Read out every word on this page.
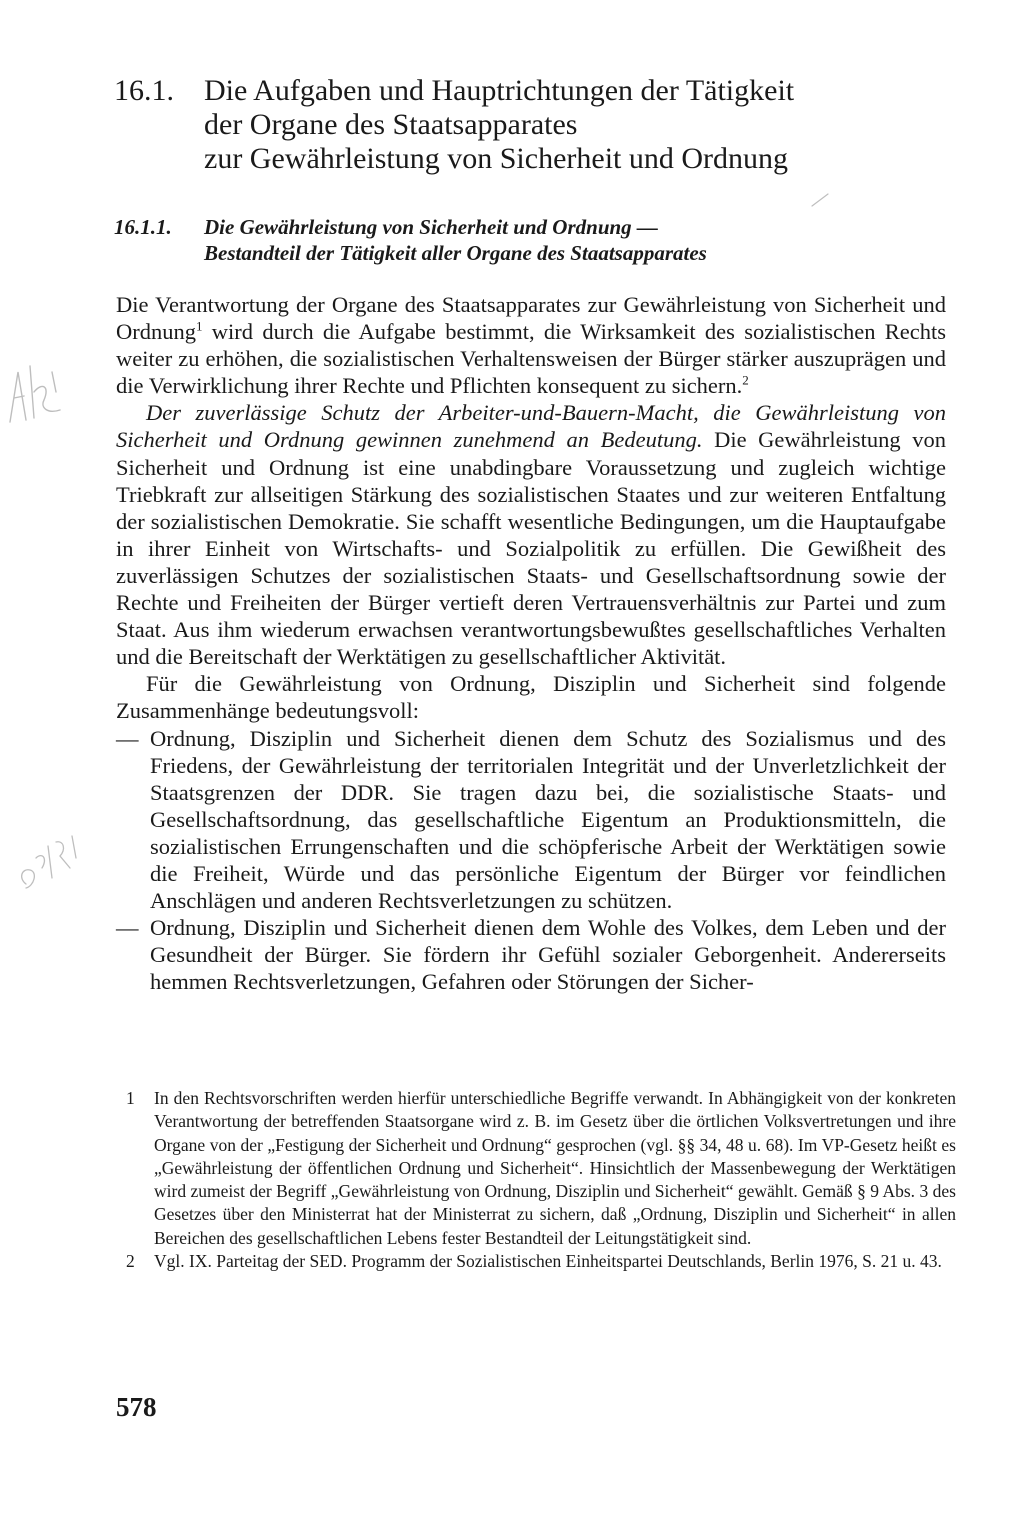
16.1. Die Aufgaben und Hauptrichtungen der Tätigkeit
der Organe des Staatsapparates
zur Gewährleistung von Sicherheit und Ordnung
16.1.1. Die Gewährleistung von Sicherheit und Ordnung —
Bestandteil der Tätigkeit aller Organe des Staatsapparates

Die Verantwortung der Organe des Staatsapparates zur Gewährleistung von Sicherheit und Ordnung$^1$ wird durch die Aufgabe bestimmt, die Wirksamkeit des sozialistischen Rechts weiter zu erhöhen, die sozialistischen Verhaltensweisen der Bürger stärker auszuprägen und die Verwirklichung ihrer Rechte und Pflichten konsequent zu sichern.$^2$

Der zuverlässige Schutz der Arbeiter-und-Bauern-Macht, die Gewährleistung von Sicherheit und Ordnung gewinnen zunehmend an Bedeutung. Die Gewährleistung von Sicherheit und Ordnung ist eine unabdingbare Voraussetzung und zugleich wichtige Triebkraft zur allseitigen Stärkung des sozialistischen Staates und zur weiteren Entfaltung der sozialistischen Demokratie. Sie schafft wesentliche Bedingungen, um die Hauptaufgabe in ihrer Einheit von Wirtschafts- und Sozialpolitik zu erfüllen. Die Gewißheit des zuverlässigen Schutzes der sozialistischen Staats- und Gesellschaftsordnung sowie der Rechte und Freiheiten der Bürger vertieft deren Vertrauensverhältnis zur Partei und zum Staat. Aus ihm wiederum erwachsen verantwortungsbewußtes gesellschaftliches Verhalten und die Bereitschaft der Werktätigen zu gesellschaftlicher Aktivität.

Für die Gewährleistung von Ordnung, Disziplin und Sicherheit sind folgende Zusammenhänge bedeutungsvoll:

— Ordnung, Disziplin und Sicherheit dienen dem Schutz des Sozialismus und des Friedens, der Gewährleistung der territorialen Integrität und der Unverletzlichkeit der Staatsgrenzen der DDR. Sie tragen dazu bei, die sozialistische Staats- und Gesellschaftsordnung, das gesellschaftliche Eigentum an Produktionsmitteln, die sozialistischen Errungenschaften und die schöpferische Arbeit der Werktätigen sowie die Freiheit, Würde und das persönliche Eigentum der Bürger vor feindlichen Anschlägen und anderen Rechtsverletzungen zu schützen.
— Ordnung, Disziplin und Sicherheit dienen dem Wohle des Volkes, dem Leben und der Gesundheit der Bürger. Sie fördern ihr Gefühl sozialer Geborgenheit. Andererseits hemmen Rechtsverletzungen, Gefahren oder Störungen der Sicher-

1 In den Rechtsvorschriften werden hierfür unterschiedliche Begriffe verwandt. In Abhängigkeit von der konkreten Verantwortung der betreffenden Staatsorgane wird z. B. im Gesetz über die örtlichen Volksvertretungen und ihre Organe von der „Festigung der Sicherheit und Ordnung“ gesprochen (vgl. §§ 34, 48 u. 68). Im VP-Gesetz heißt es „Gewährleistung der öffentlichen Ordnung und Sicherheit“. Hinsichtlich der Massenbewegung der Werktätigen wird zumeist der Begriff „Gewährleistung von Ordnung, Disziplin und Sicherheit“ gewählt. Gemäß § 9 Abs. 3 des Gesetzes über den Ministerrat hat der Ministerrat zu sichern, daß „Ordnung, Disziplin und Sicherheit“ in allen Bereichen des gesellschaftlichen Lebens fester Bestandteil der Leitungstätigkeit sind.

2 Vgl. IX. Parteitag der SED. Programm der Sozialistischen Einheitspartei Deutschlands, Berlin 1976, S. 21 u. 43.

578
